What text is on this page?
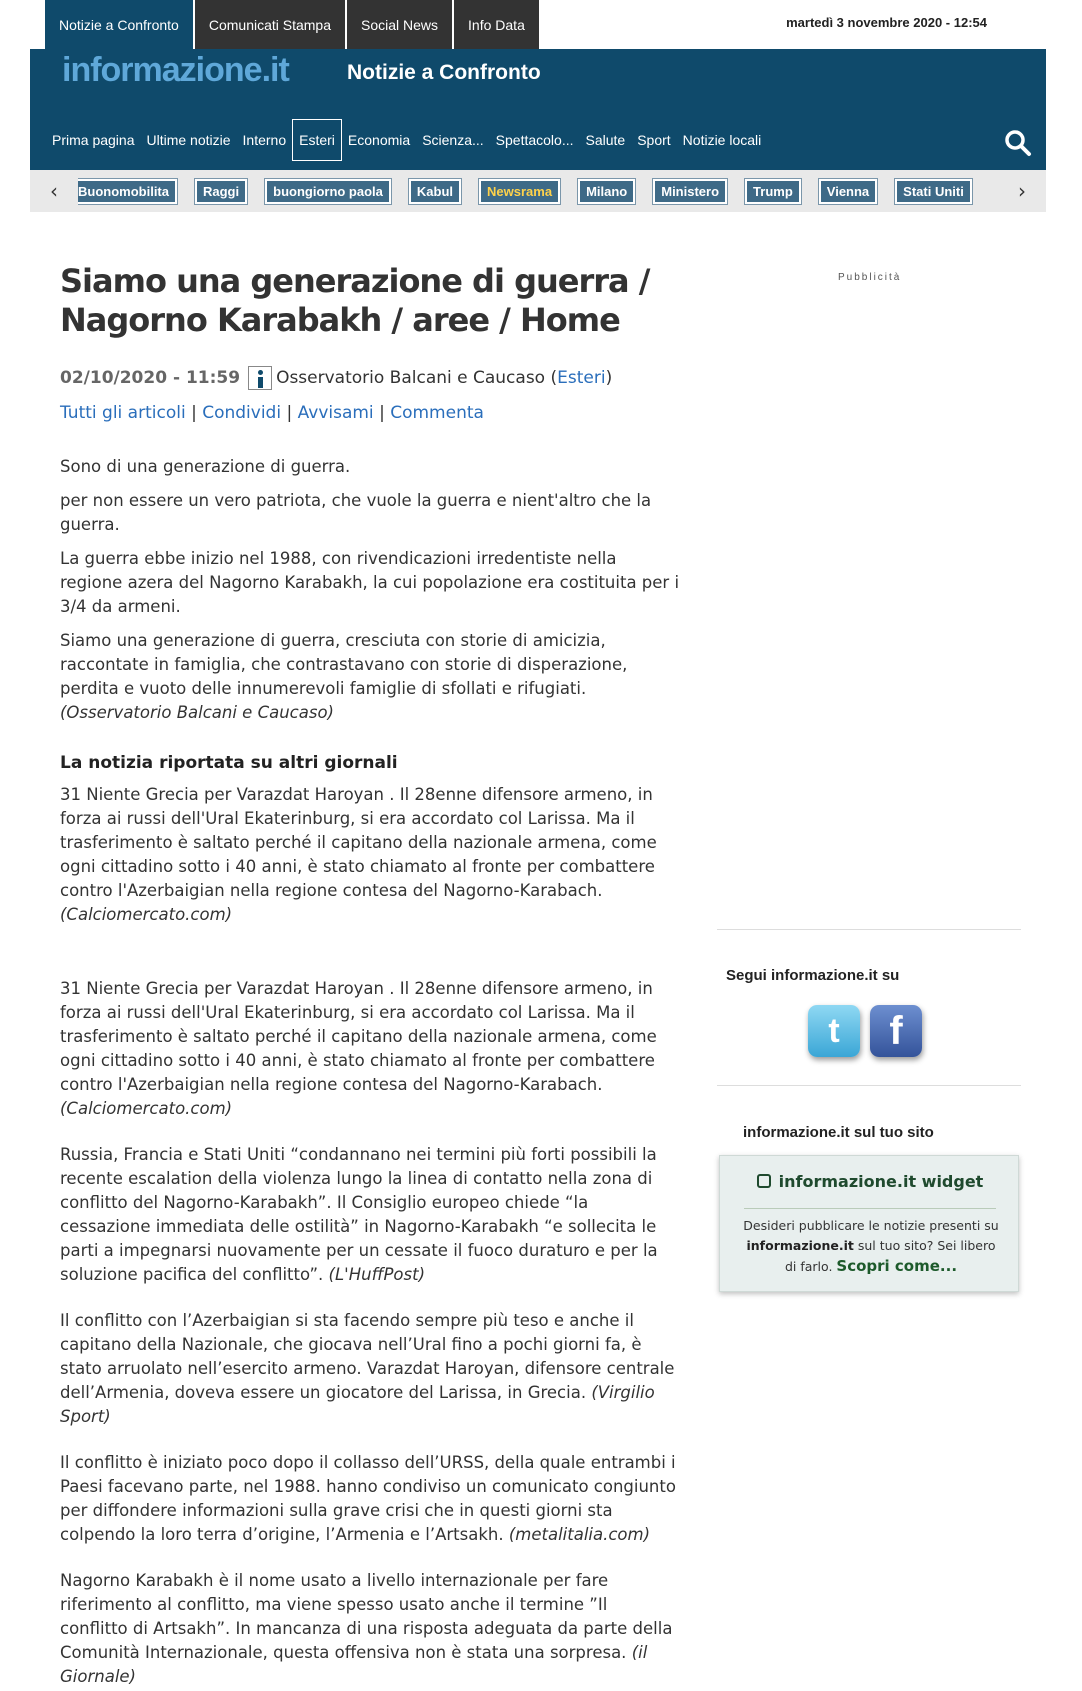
Notizie a Confronto	Comunicati Stampa	Social News	Info Data	martedì 3 novembre 2020 - 12:54
informazione.it	Notizie a Confronto
Prima pagina Ultime notizie Interno Esteri Economia Scienza... Spettacolo... Salute Sport Notizie locali
‹	Buonomobilita	Raggi	buongiorno paola	Kabul	Newsrama	Milano	Ministero	Trump	Vienna	Stati Uniti	›
Siamo una generazione di guerra / Nagorno Karabakh / aree / Home
02/10/2020 - 11:59 Osservatorio Balcani e Caucaso ( Esteri )
Tutti gli articoli | Condividi | Avvisami | Commenta

Sono di una generazione di guerra.

per non essere un vero patriota, che vuole la guerra e nient'altro che la guerra.

La guerra ebbe inizio nel 1988, con rivendicazioni irredentiste nella regione azera del Nagorno Karabakh, la cui popolazione era costituita per i 3/4 da armeni.

Siamo una generazione di guerra, cresciuta con storie di amicizia, raccontate in famiglia, che contrastavano con storie di disperazione, perdita e vuoto delle innumerevoli famiglie di sfollati e rifugiati. (Osservatorio Balcani e Caucaso)

La notizia riportata su altri giornali

31 Niente Grecia per Varazdat Haroyan . Il 28enne difensore armeno, in forza ai russi dell'Ural Ekaterinburg, si era accordato col Larissa. Ma il trasferimento è saltato perché il capitano della nazionale armena, come ogni cittadino sotto i 40 anni, è stato chiamato al fronte per combattere contro l'Azerbaigian nella regione contesa del Nagorno-Karabach. (Calciomercato.com)

31 Niente Grecia per Varazdat Haroyan . Il 28enne difensore armeno, in forza ai russi dell'Ural Ekaterinburg, si era accordato col Larissa. Ma il trasferimento è saltato perché il capitano della nazionale armena, come ogni cittadino sotto i 40 anni, è stato chiamato al fronte per combattere contro l'Azerbaigian nella regione contesa del Nagorno-Karabach. (Calciomercato.com)

Russia, Francia e Stati Uniti “condannano nei termini più forti possibili la recente escalation della violenza lungo la linea di contatto nella zona di conflitto del Nagorno-Karabakh”. Il Consiglio europeo chiede “la cessazione immediata delle ostilità” in Nagorno-Karabakh “e sollecita le parti a impegnarsi nuovamente per un cessate il fuoco duraturo e per la soluzione pacifica del conflitto”. (L'HuffPost)

Il conflitto con l’Azerbaigian si sta facendo sempre più teso e anche il capitano della Nazionale, che giocava nell’Ural fino a pochi giorni fa, è stato arruolato nell’esercito armeno. Varazdat Haroyan, difensore centrale dell’Armenia, doveva essere un giocatore del Larissa, in Grecia. (Virgilio Sport)

Il conflitto è iniziato poco dopo il collasso dell’URSS, della quale entrambi i Paesi facevano parte, nel 1988. hanno condiviso un comunicato congiunto per diffondere informazioni sulla grave crisi che in questi giorni sta colpendo la loro terra d’origine, l’Armenia e l’Artsakh. (metalitalia.com)

Nagorno Karabakh è il nome usato a livello internazionale per fare riferimento al conflitto, ma viene spesso usato anche il termine ”Il conflitto di Artsakh”. In mancanza di una risposta adeguata da parte della Comunità Internazionale, questa offensiva non è stata una sorpresa. (il Giornale)

Pubblicità
Segui informazione.it su
t	f
informazione.it sul tuo sito
informazione.it widget
Desideri pubblicare le notizie presenti su informazione.it sul tuo sito? Sei libero di farlo. Scopri come...
